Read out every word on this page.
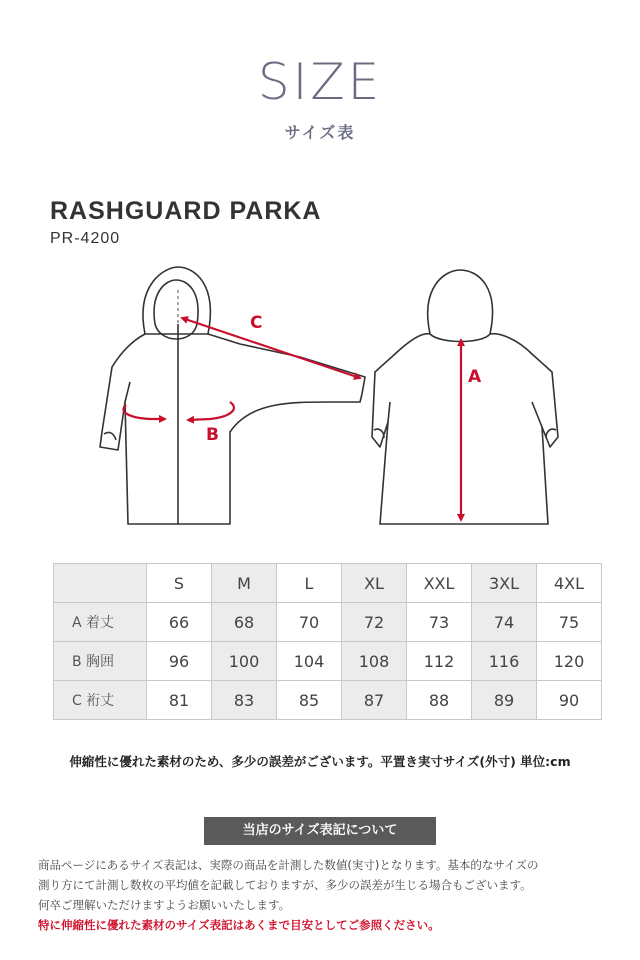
SIZE
サイズ表
RASHGUARD PARKA
PR-4200
C
B
A
	S	M	L	XL	XXL	3XL	4XL
A 着丈	66	68	70	72	73	74	75
B 胸囲	96	100	104	108	112	116	120
C 裄丈	81	83	85	87	88	89	90
伸縮性に優れた素材のため、多少の誤差がございます。平置き実寸サイズ(外寸) 単位:cm
当店のサイズ表記について
商品ページにあるサイズ表記は、実際の商品を計測した数値(実寸)となります。基本的なサイズの
測り方にて計測し数枚の平均値を記載しておりますが、多少の誤差が生じる場合もございます。
何卒ご理解いただけますようお願いいたします。
特に伸縮性に優れた素材のサイズ表記はあくまで目安としてご参照ください。
